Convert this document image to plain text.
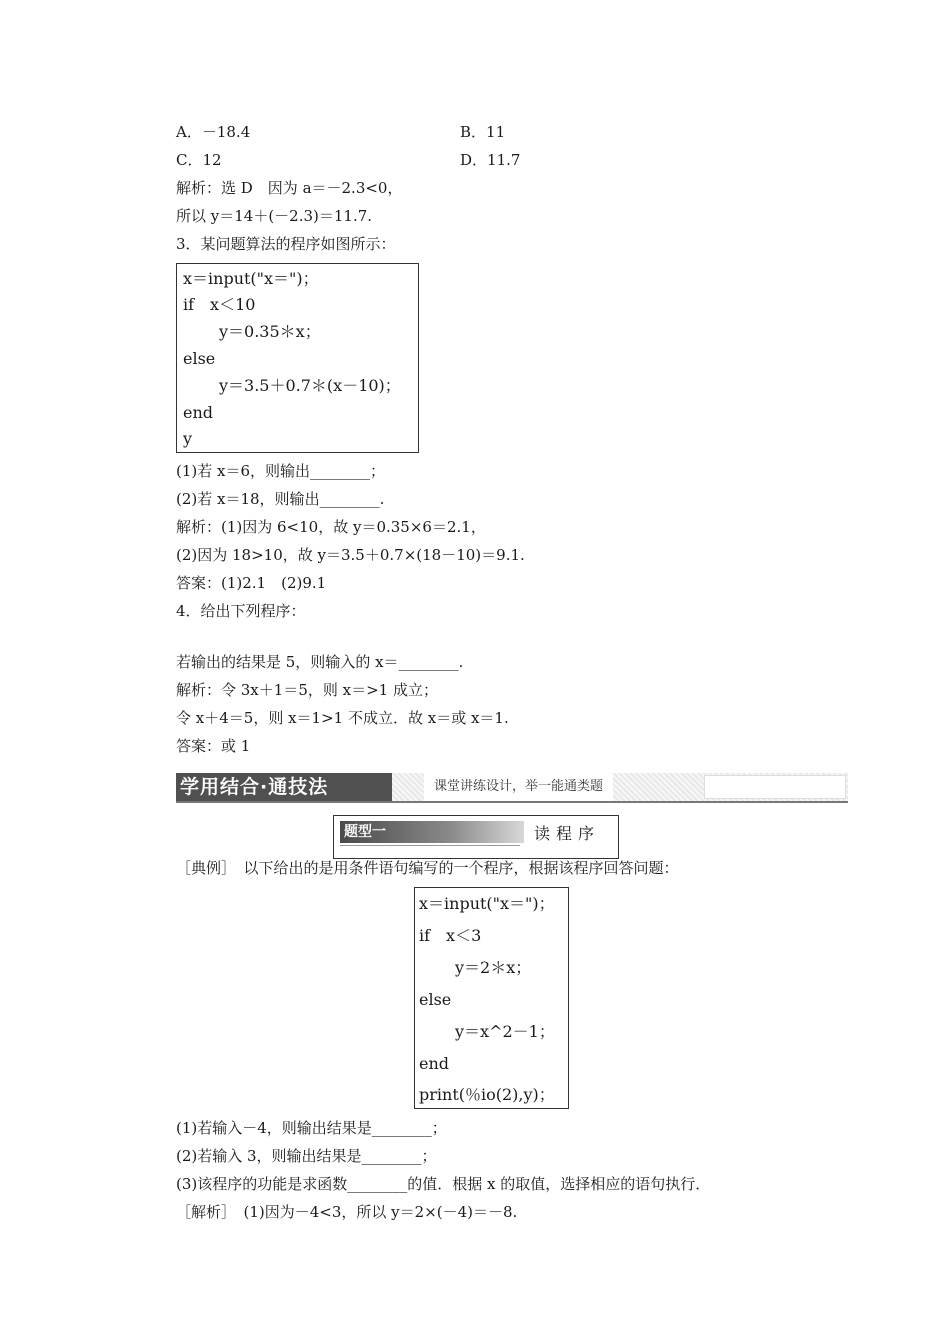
A．－18.4	B．11
C．12	D．11.7
解析：选 D　因为 a＝－2.3<0，
所以 y＝14＋(－2.3)＝11.7.
3．某问题算法的程序如图所示：
x＝input("x＝")；
if　x＜10
y＝0.35＊x；
else
y＝3.5＋0.7＊(x－10)；
end
y
(1)若 x＝6，则输出________；
(2)若 x＝18，则输出________.
解析：(1)因为 6<10，故 y＝0.35×6＝2.1，
(2)因为 18>10，故 y＝3.5＋0.7×(18－10)＝9.1.
答案：(1)2.1　(2)9.1
4．给出下列程序：
若输出的结果是 5，则输入的 x＝________.
解析：令 3x＋1＝5，则 x＝>1 成立；
令 x＋4＝5，则 x＝1>1 不成立．故 x＝或 x＝1.
答案：或 1
学用结合·通技法	课堂讲练设计，举一能通类题
题型一	读程序
［典例］　以下给出的是用条件语句编写的一个程序，根据该程序回答问题：
x＝input("x＝")；
if　x＜3
y＝2＊x；
else
y＝x^2－1；
end
print(％io(2),y)；
(1)若输入－4，则输出结果是________；
(2)若输入 3，则输出结果是________；
(3)该程序的功能是求函数________的值．根据 x 的取值，选择相应的语句执行．
［解析］　(1)因为－4<3，所以 y＝2×(－4)＝－8.
